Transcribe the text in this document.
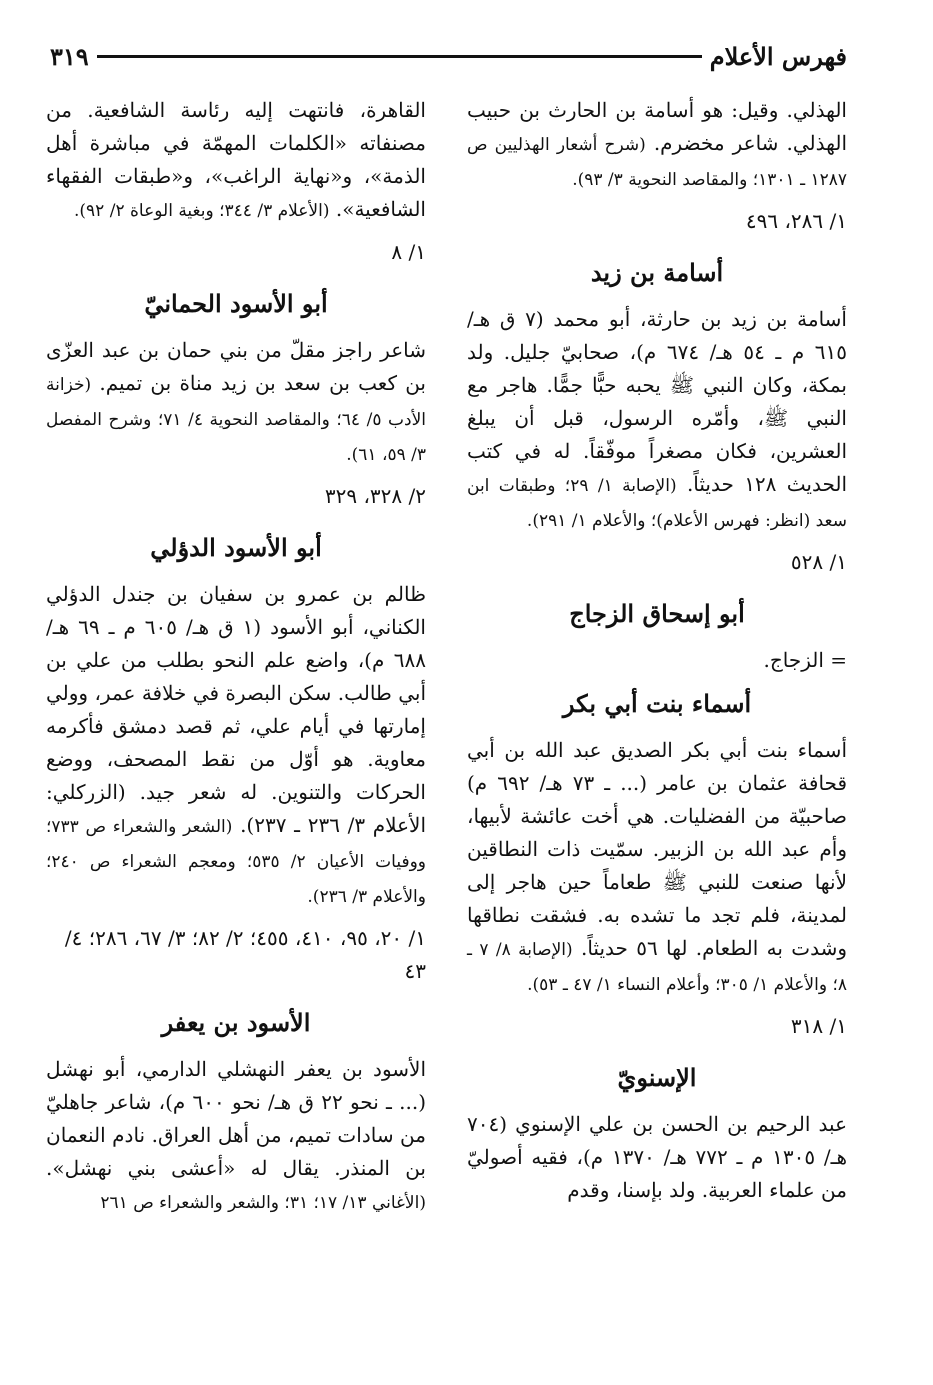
فهرس الأعلام
٣١٩

الهذلي. وقيل: هو أسامة بن الحارث بن حبيب الهذلي. شاعر مخضرم. (شرح أشعار الهذليين ص ١٢٨٧ ـ ١٣٠١؛ والمقاصد النحوية ٣/ ٩٣).

١/ ٢٨٦، ٤٩٦
أسامة بن زيد

أسامة بن زيد بن حارثة، أبو محمد (٧ ق هـ/ ٦١٥ م ـ ٥٤ هـ/ ٦٧٤ م)، صحابيّ جليل. ولد بمكة، وكان النبي ﷺ يحبه حبًّا جمًّا. هاجر مع النبي ﷺ، وأمّره الرسول، قبل أن يبلغ العشرين، فكان مصغراً موفّقاً. له في كتب الحديث ١٢٨ حديثاً. (الإصابة ١/ ٢٩؛ وطبقات ابن سعد (انظر: فهرس الأعلام)؛ والأعلام ١/ ٢٩١).

١/ ٥٢٨
أبو إسحاق الزجاج

= الزجاج.

أسماء بنت أبي بكر

أسماء بنت أبي بكر الصديق عبد الله بن أبي قحافة عثمان بن عامر (... ـ ٧٣ هـ/ ٦٩٢ م) صاحبيّة من الفضليات. هي أخت عائشة لأبيها، وأم عبد الله بن الزبير. سمّيت ذات النطاقين لأنها صنعت للنبي ﷺ طعاماً حين هاجر إلى لمدينة، فلم تجد ما تشده به. فشقت نطاقها وشدت به الطعام. لها ٥٦ حديثاً. (الإصابة ٨/ ٧ ـ ٨؛ والأعلام ١/ ٣٠٥؛ وأعلام النساء ١/ ٤٧ ـ ٥٣).

١/ ٣١٨
الإسنويّ

عبد الرحيم بن الحسن بن علي الإسنوي (٧٠٤ هـ/ ١٣٠٥ م ـ ٧٧٢ هـ/ ١٣٧٠ م)، فقيه أصوليّ من علماء العربية. ولد بإسنا، وقدم

القاهرة، فانتهت إليه رئاسة الشافعية. من مصنفاته «الكلمات المهمّة في مباشرة أهل الذمة»، و«نهاية الراغب»، و«طبقات الفقهاء الشافعية». (الأعلام ٣/ ٣٤٤؛ وبغية الوعاة ٢/ ٩٢).

١/ ٨
أبو الأسود الحمانيّ

شاعر راجز مقلّ من بني حمان بن عبد العزّى بن كعب بن سعد بن زيد مناة بن تميم. (خزانة الأدب ٥/ ٦٤؛ والمقاصد النحوية ٤/ ٧١؛ وشرح المفصل ٣/ ٥٩، ٦١).

٢/ ٣٢٨، ٣٢٩
أبو الأسود الدؤلي

ظالم بن عمرو بن سفيان بن جندل الدؤلي الكناني، أبو الأسود (١ ق هـ/ ٦٠٥ م ـ ٦٩ هـ/ ٦٨٨ م)، واضع علم النحو بطلب من علي بن أبي طالب. سكن البصرة في خلافة عمر، وولي إمارتها في أيام علي، ثم قصد دمشق فأكرمه معاوية. هو أوّل من نقط المصحف، ووضع الحركات والتنوين. له شعر جيد. (الزركلي: الأعلام ٣/ ٢٣٦ ـ ٢٣٧). (الشعر والشعراء ص ٧٣٣؛ ووفيات الأعيان ٢/ ٥٣٥؛ ومعجم الشعراء ص ٢٤٠؛ والأعلام ٣/ ٢٣٦).

١/ ٢٠، ٩٥، ٤١٠، ٤٥٥؛ ٢/ ٨٢؛ ٣/ ٦٧، ٢٨٦؛ ٤/ ٤٣
الأسود بن يعفر

الأسود بن يعفر النهشلي الدارمي، أبو نهشل (... ـ نحو ٢٢ ق هـ/ نحو ٦٠٠ م)، شاعر جاهليّ من سادات تميم، من أهل العراق. نادم النعمان بن المنذر. يقال له «أعشى بني نهشل». (الأغاني ١٣/ ١٧؛ ٣١؛ والشعر والشعراء ص ٢٦١
